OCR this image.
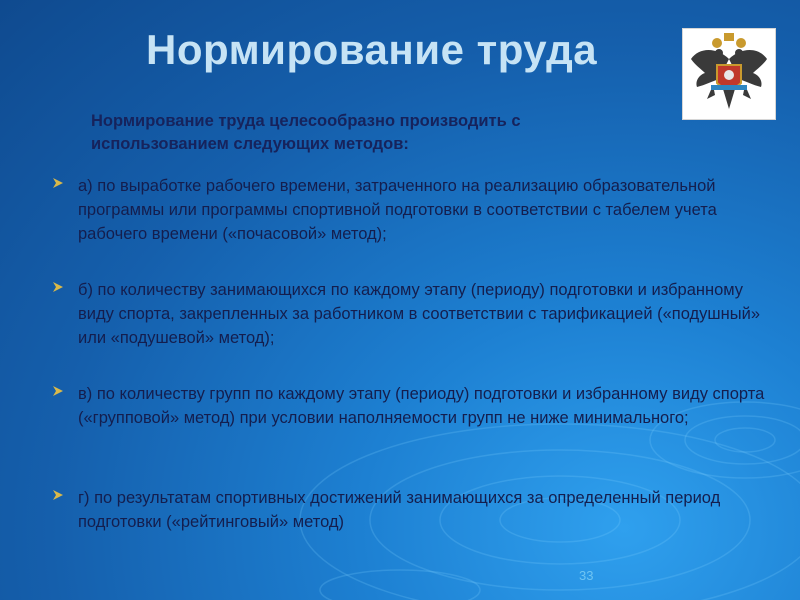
Нормирование труда
Нормирование труда целесообразно производить с использованием следующих методов:
а) по выработке рабочего времени, затраченного на реализацию образовательной программы или программы спортивной подготовки в соответствии с табелем учета рабочего времени («почасовой» метод);
б) по количеству занимающихся по каждому этапу (периоду) подготовки и избранному виду спорта, закрепленных за работником в соответствии с тарификацией («подушный» или «подушевой» метод);
в) по количеству групп по каждому этапу (периоду) подготовки и избранному виду спорта («групповой» метод) при условии наполняемости групп не ниже минимального;
г) по результатам спортивных достижений занимающихся за определенный период подготовки («рейтинговый» метод)
33
